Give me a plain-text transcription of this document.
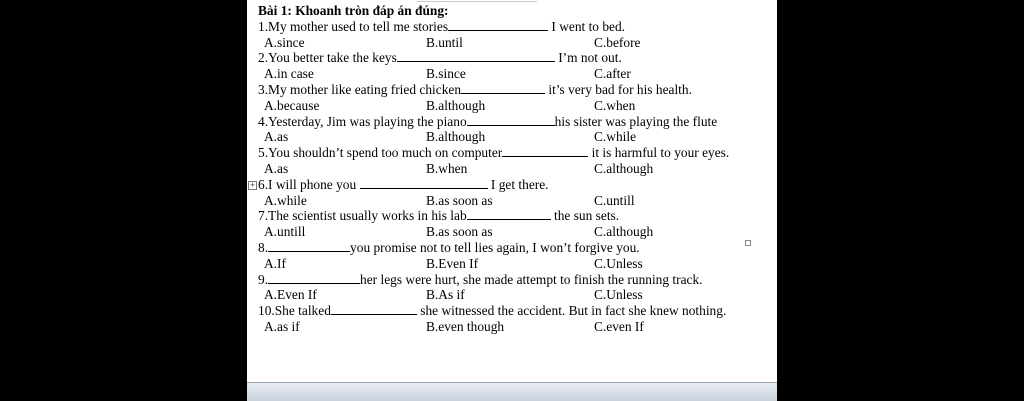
Bài 1: Khoanh tròn đáp án đúng:
1.My mother used to tell me stories	I went to bed.
A.since	B.until	C.before
2.You better take the keys	I’m not out.
A.in case	B.since	C.after
3.My mother like eating fried chicken	it’s very bad for his health.
A.because	B.although	C.when
4.Yesterday, Jim was playing the piano	his sister was playing the flute
A.as	B.although	C.while
5.You shouldn’t spend too much on computer	it is harmful to your eyes.
A.as	B.when	C.although
+ 6.I will phone you	I get there.
A.while	B.as soon as	C.untill
7.The scientist usually works in his lab	the sun sets.
A.untill	B.as soon as	C.although
8.	you promise not to tell lies again, I won’t forgive you.
A.If	B.Even If	C.Unless
9.	her legs were hurt, she made attempt to finish the running track.
A.Even If	B.As if	C.Unless
10.She talked	she witnessed the accident. But in fact she knew nothing.
A.as if	B.even though	C.even If
